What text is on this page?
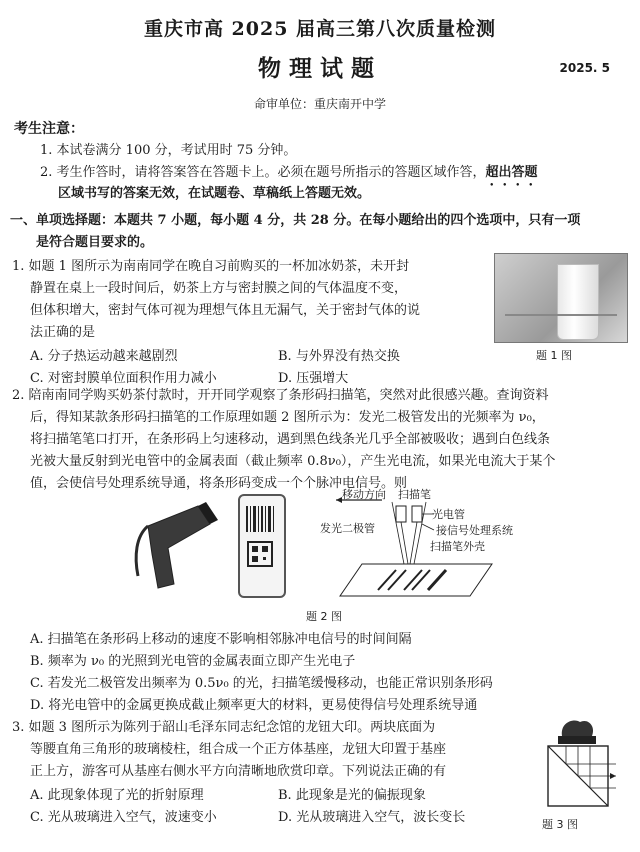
重庆市高 2025 届高三第八次质量检测
物理试题	2025. 5
命审单位：重庆南开中学
考生注意：
1. 本试卷满分 100 分，考试用时 75 分钟。
2. 考生作答时，请将答案答在答题卡上。必须在题号所指示的答题区域作答，超出答题
区域书写的答案无效，在试题卷、草稿纸上答题无效。
一、单项选择题：本题共 7 小题，每小题 4 分，共 28 分。在每小题给出的四个选项中，只有一项
是符合题目要求的。
1. 如题 1 图所示为南南同学在晚自习前购买的一杯加冰奶茶，未开封
静置在桌上一段时间后，奶茶上方与密封膜之间的气体温度不变，
但体积增大，密封气体可视为理想气体且无漏气，关于密封气体的说
法正确的是
A. 分子热运动越来越剧烈	B. 与外界没有热交换
C. 对密封膜单位面积作用力减小	D. 压强增大
题 1 图
2. 陪南南同学购买奶茶付款时，开开同学观察了条形码扫描笔，突然对此很感兴趣。查询资料
后，得知某款条形码扫描笔的工作原理如题 2 图所示为：发光二极管发出的光频率为 ν₀，
将扫描笔笔口打开，在条形码上匀速移动，遇到黑色线条光几乎全部被吸收；遇到白色线条
光被大量反射到光电管中的金属表面（截止频率 0.8ν₀），产生光电流，如果光电流大于某个
值，会使信号处理系统导通，将条形码变成一个个脉冲电信号。则
移动方向 扫描笔
光电管
发光二极管	接信号处理系统
扫描笔外壳
题 2 图
A. 扫描笔在条形码上移动的速度不影响相邻脉冲电信号的时间间隔
B. 频率为 ν₀ 的光照到光电管的金属表面立即产生光电子
C. 若发光二极管发出频率为 0.5ν₀ 的光，扫描笔缓慢移动，也能正常识别条形码
D. 将光电管中的金属更换成截止频率更大的材料，更易使得信号处理系统导通
3. 如题 3 图所示为陈列于韶山毛泽东同志纪念馆的龙钮大印。两块底面为
等腰直角三角形的玻璃棱柱，组合成一个正方体基座，龙钮大印置于基座
正上方，游客可从基座右侧水平方向清晰地欣赏印章。下列说法正确的有
A. 此现象体现了光的折射原理	B. 此现象是光的偏振现象
C. 光从玻璃进入空气，波速变小	D. 光从玻璃进入空气，波长变长	题 3 图
